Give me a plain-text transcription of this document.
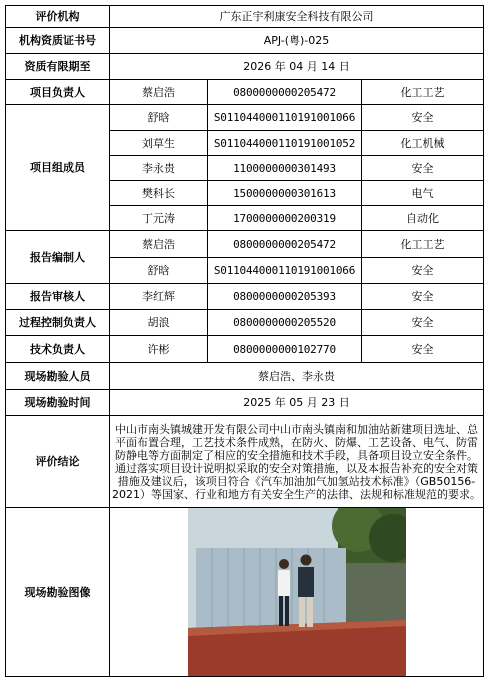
评价机构	广东正宇利康安全科技有限公司		
机构资质证书号	APJ-(粤)-025		
资质有限期至	2026 年 04 月 14 日		
项目负责人	蔡启浩	0800000000205472	化工工艺
项目组成员	舒晗	S011044000110191001066	安全
	刘草生	S011044000110191001052	化工机械
	李永贵	1100000000301493	安全
	樊科长	1500000000301613	电气
	丁元涛	1700000000200319	自动化
报告编制人	蔡启浩	0800000000205472	化工工艺
	舒晗	S011044000110191001066	安全
报告审核人	李红辉	0800000000205393	安全
过程控制负责人	胡浪	0800000000205520	安全
技术负责人	许彬	0800000000102770	安全
现场勘验人员	蔡启浩、李永贵		
现场勘验时间	2025 年 05 月 23 日		
评价结论	中山市南头镇城建开发有限公司中山市南头镇南和加油站新建项目选址、总平面布置合理，工艺技术条件成熟，在防火、防爆、工艺设备、电气、防雷防静电等方面制定了相应的安全措施和技术手段，具备项目设立安全条件。通过落实项目设计说明拟采取的安全对策措施，以及本报告补充的安全对策措施及建议后，该项目符合《汽车加油加气加氢站技术标准》（GB50156-2021）等国家、行业和地方有关安全生产的法律、法规和标准规范的要求。		
现场勘验图像	
